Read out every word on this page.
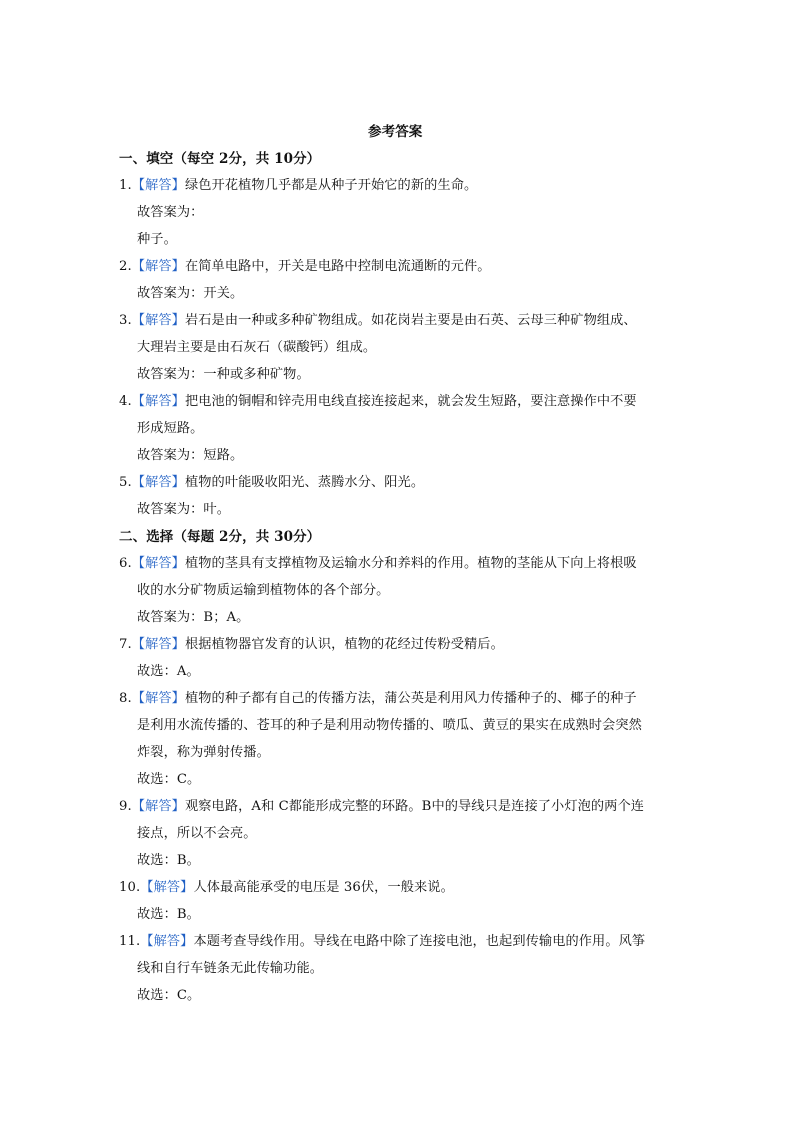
参考答案
一、填空（每空 2分，共 10分）
1.【解答】绿色开花植物几乎都是从种子开始它的新的生命。
故答案为：
种子。
2.【解答】在简单电路中，开关是电路中控制电流通断的元件。
故答案为：开关。
3.【解答】岩石是由一种或多种矿物组成。如花岗岩主要是由石英、云母三种矿物组成、
大理岩主要是由石灰石（碳酸钙）组成。
故答案为：一种或多种矿物。
4.【解答】把电池的铜帽和锌壳用电线直接连接起来，就会发生短路，要注意操作中不要
形成短路。
故答案为：短路。
5.【解答】植物的叶能吸收阳光、蒸腾水分、阳光。
故答案为：叶。
二、选择（每题 2分，共 30分）
6.【解答】植物的茎具有支撑植物及运输水分和养料的作用。植物的茎能从下向上将根吸
收的水分矿物质运输到植物体的各个部分。
故答案为：B；A。
7.【解答】根据植物器官发育的认识，植物的花经过传粉受精后。
故选：A。
8.【解答】植物的种子都有自己的传播方法，蒲公英是利用风力传播种子的、椰子的种子
是利用水流传播的、苍耳的种子是利用动物传播的、喷瓜、黄豆的果实在成熟时会突然
炸裂，称为弹射传播。
故选：C。
9.【解答】观察电路，A和 C都能形成完整的环路。B中的导线只是连接了小灯泡的两个连
接点，所以不会亮。
故选：B。
10.【解答】人体最高能承受的电压是 36伏，一般来说。
故选：B。
11.【解答】本题考查导线作用。导线在电路中除了连接电池，也起到传输电的作用。风筝
线和自行车链条无此传输功能。
故选：C。
